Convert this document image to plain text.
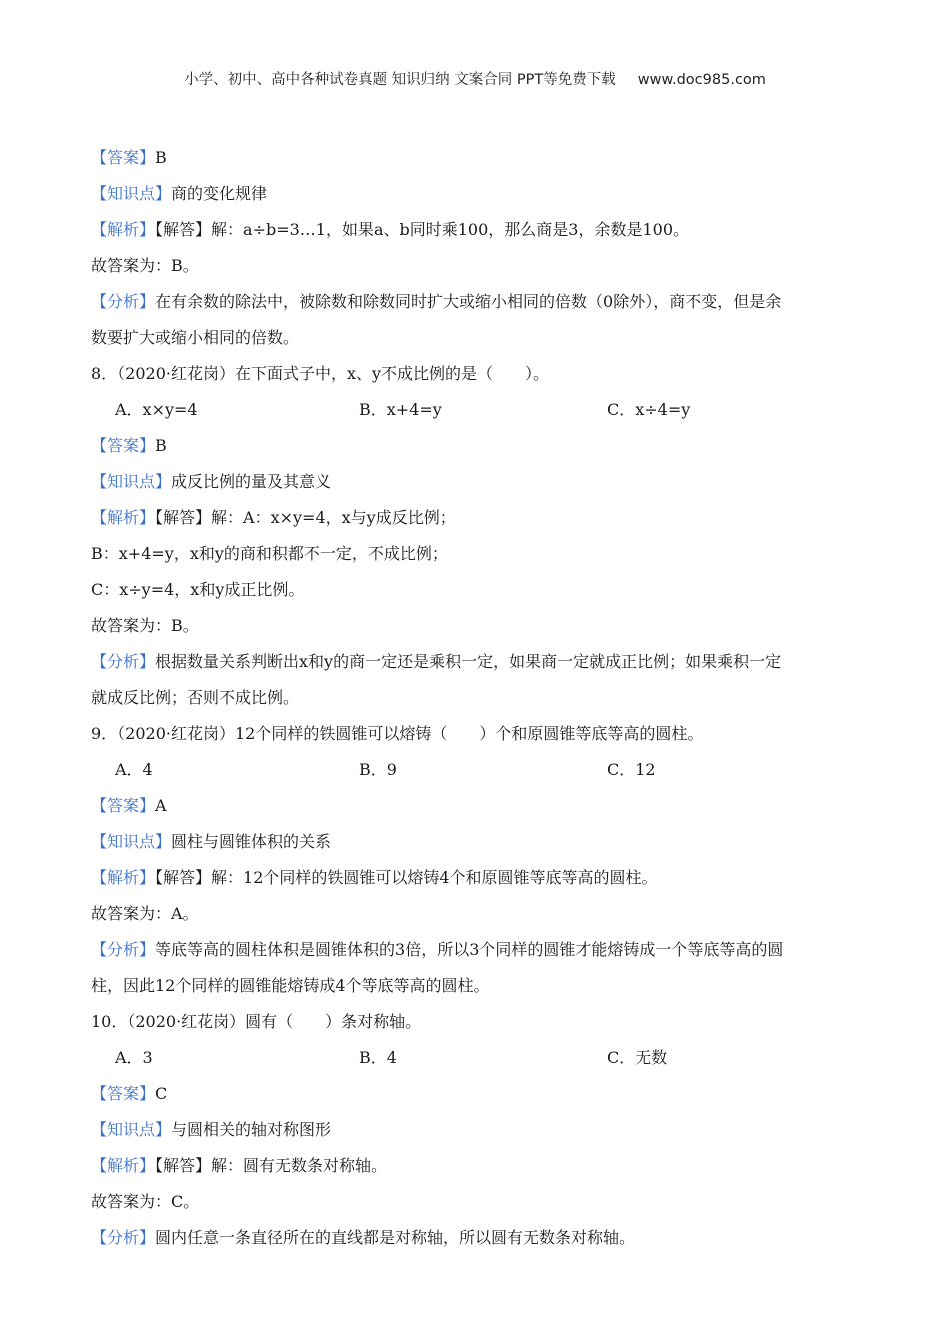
小学、初中、高中各种试卷真题 知识归纳 文案合同 PPT等免费下载 www.doc985.com
【答案】B
【知识点】商的变化规律
【解析】【解答】解：a÷b=3…1，如果a、b同时乘100，那么商是3，余数是100。
故答案为：B。
【分析】在有余数的除法中，被除数和除数同时扩大或缩小相同的倍数（0除外），商不变，但是余
数要扩大或缩小相同的倍数。
8．（2020·红花岗）在下面式子中，x、y不成比例的是（　　）。
A．x×y=4	B．x+4=y	C．x÷4=y
【答案】B
【知识点】成反比例的量及其意义
【解析】【解答】解：A：x×y=4，x与y成反比例；
B：x+4=y，x和y的商和积都不一定，不成比例；
C：x÷y=4，x和y成正比例。
故答案为：B。
【分析】根据数量关系判断出x和y的商一定还是乘积一定，如果商一定就成正比例；如果乘积一定
就成反比例；否则不成比例。
9．（2020·红花岗）12个同样的铁圆锥可以熔铸（　　）个和原圆锥等底等高的圆柱。
A．4	B．9	C．12
【答案】A
【知识点】圆柱与圆锥体积的关系
【解析】【解答】解：12个同样的铁圆锥可以熔铸4个和原圆锥等底等高的圆柱。
故答案为：A。
【分析】等底等高的圆柱体积是圆锥体积的3倍，所以3个同样的圆锥才能熔铸成一个等底等高的圆
柱，因此12个同样的圆锥能熔铸成4个等底等高的圆柱。
10．（2020·红花岗）圆有（　　）条对称轴。
A．3	B．4	C．无数
【答案】C
【知识点】与圆相关的轴对称图形
【解析】【解答】解：圆有无数条对称轴。
故答案为：C。
【分析】圆内任意一条直径所在的直线都是对称轴，所以圆有无数条对称轴。
